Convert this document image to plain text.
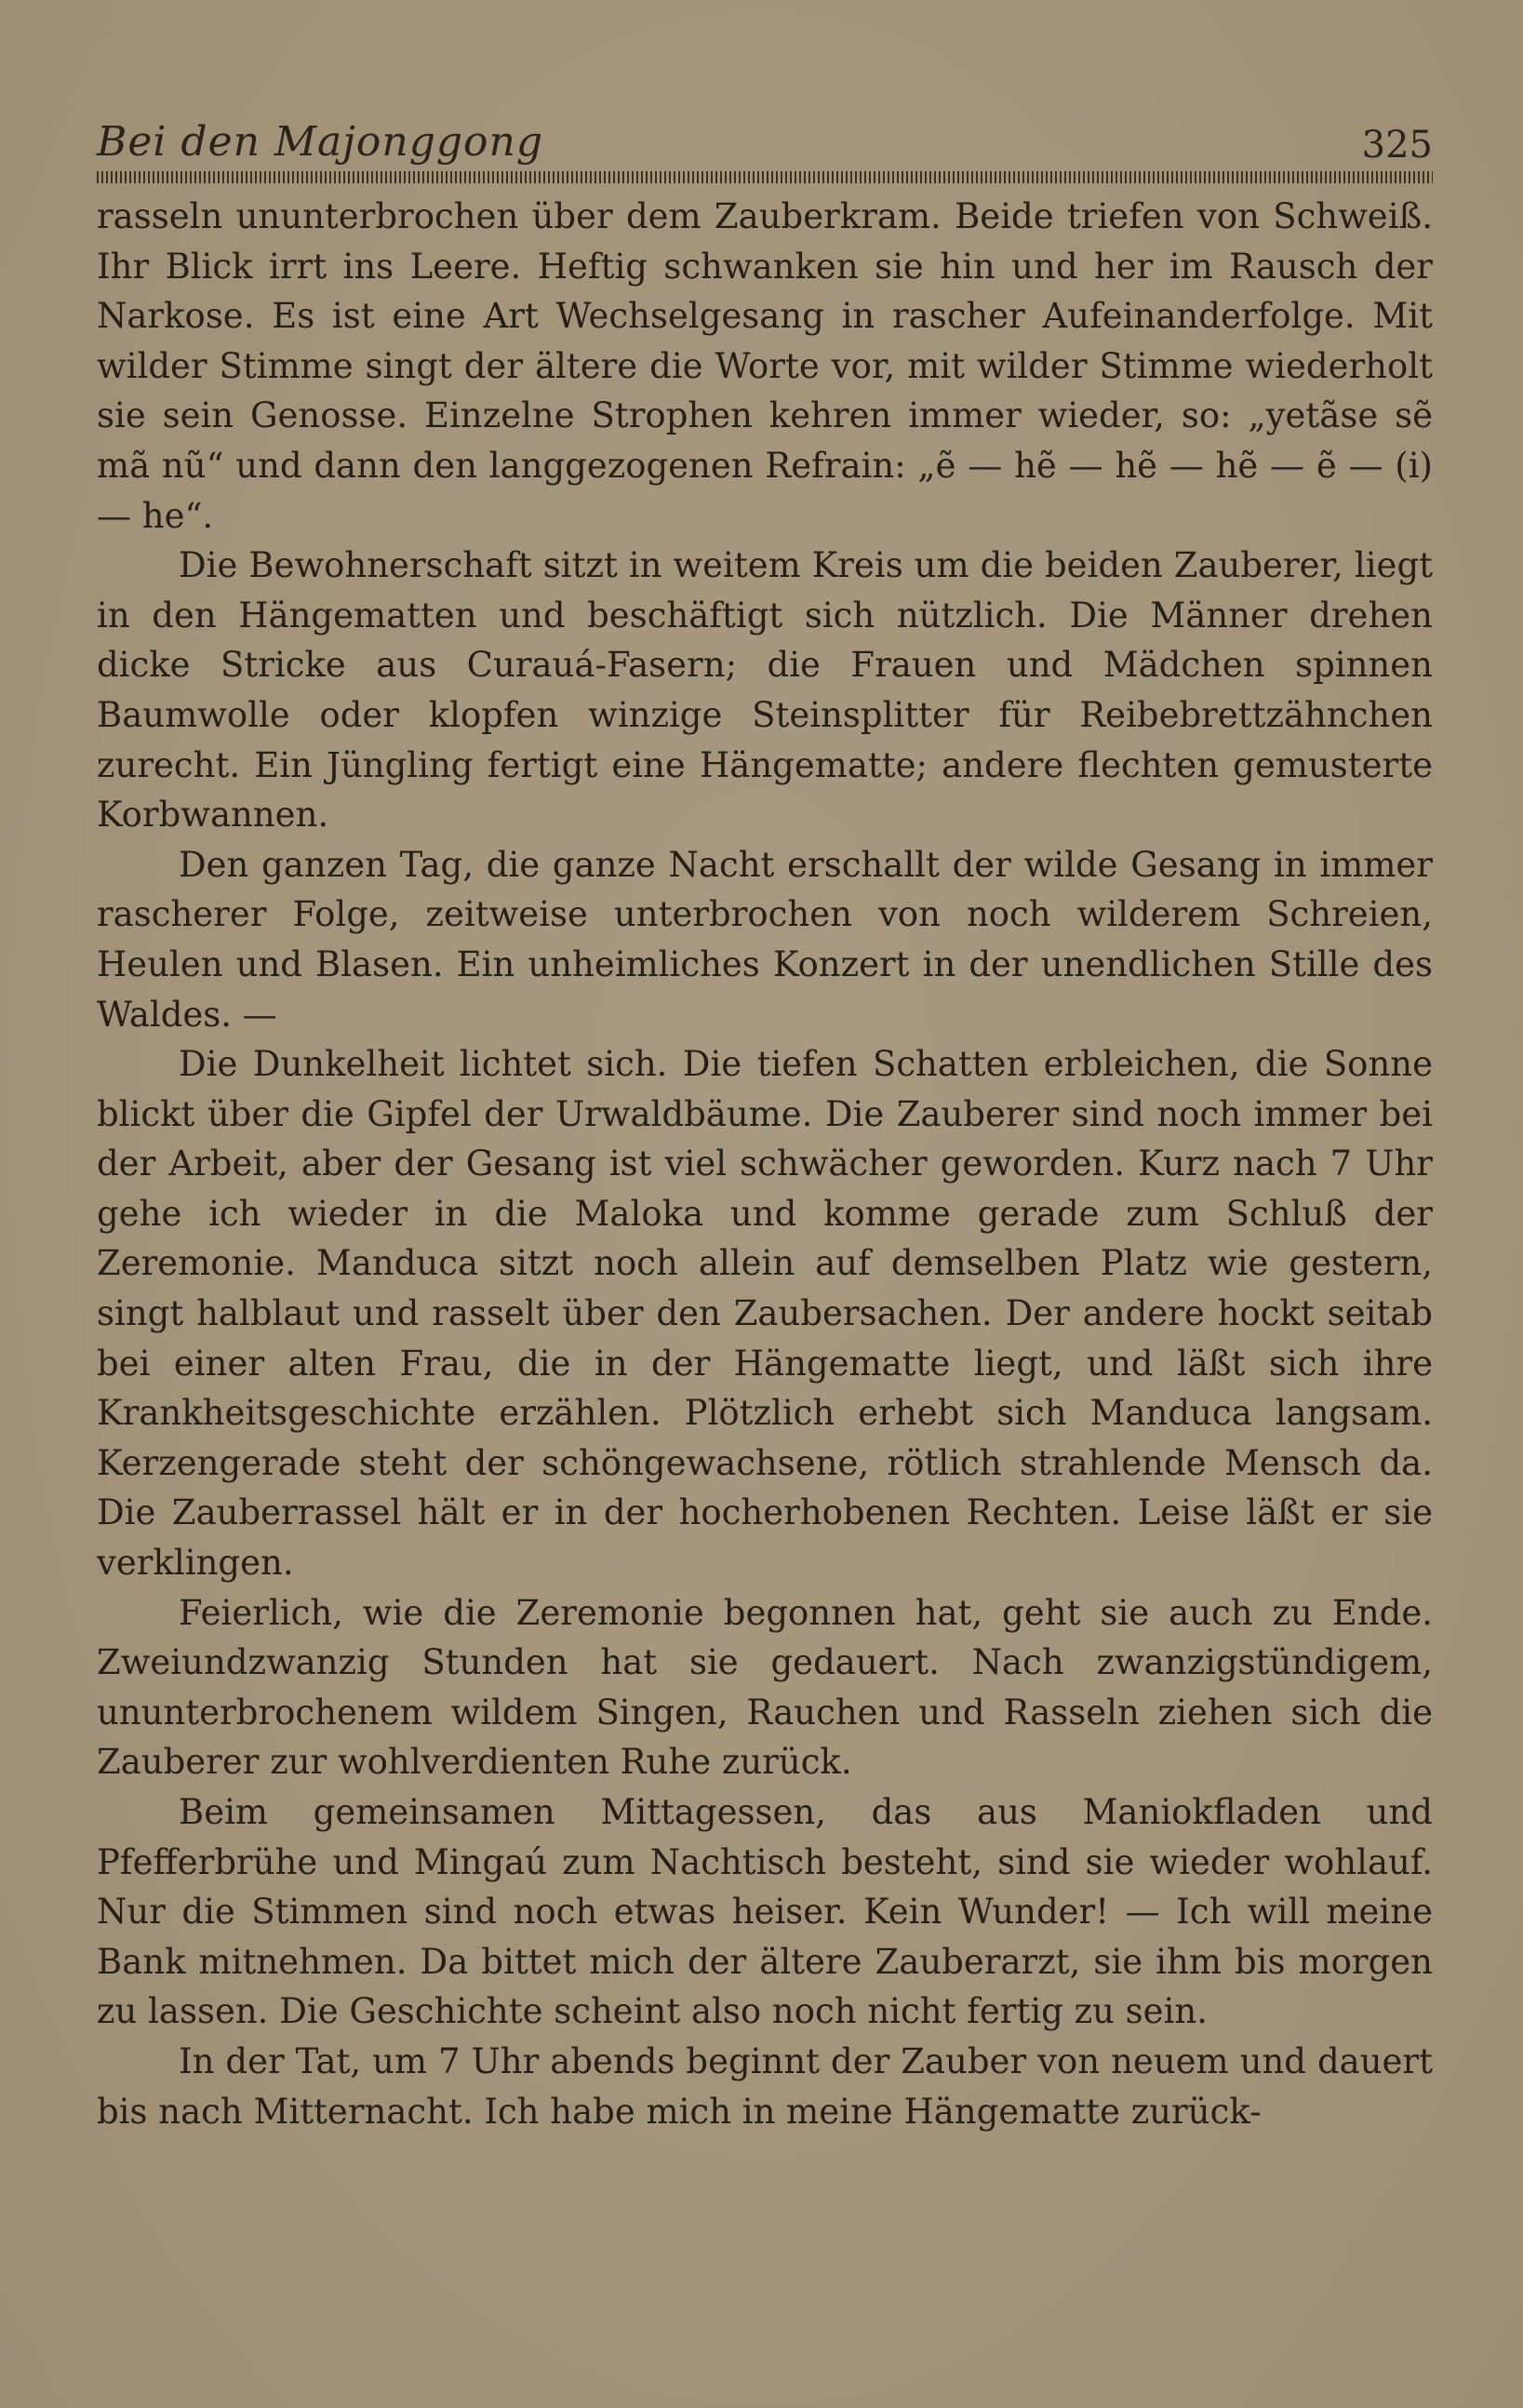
Bei den Majonggong	325

rasseln ununterbrochen über dem Zauberkram. Beide triefen von Schweiß. Ihr Blick irrt ins Leere. Heftig schwanken sie hin und her im Rausch der Narkose. Es ist eine Art Wechselgesang in rascher Aufeinanderfolge. Mit wilder Stimme singt der ältere die Worte vor, mit wilder Stimme wiederholt sie sein Genosse. Einzelne Strophen kehren immer wieder, so: „yetãse sẽ mã nũ“ und dann den langgezogenen Refrain: „ẽ — hẽ — hẽ — hẽ — ẽ — (i) — he“.

Die Bewohnerschaft sitzt in weitem Kreis um die beiden Zauberer, liegt in den Hängematten und beschäftigt sich nützlich. Die Männer drehen dicke Stricke aus Curauá-Fasern; die Frauen und Mädchen spinnen Baumwolle oder klopfen winzige Steinsplitter für Reibebrettzähnchen zurecht. Ein Jüngling fertigt eine Hängematte; andere flechten gemusterte Korbwannen.

Den ganzen Tag, die ganze Nacht erschallt der wilde Gesang in immer rascherer Folge, zeitweise unterbrochen von noch wilderem Schreien, Heulen und Blasen. Ein unheimliches Konzert in der unendlichen Stille des Waldes. —

Die Dunkelheit lichtet sich. Die tiefen Schatten erbleichen, die Sonne blickt über die Gipfel der Urwaldbäume. Die Zauberer sind noch immer bei der Arbeit, aber der Gesang ist viel schwächer geworden. Kurz nach 7 Uhr gehe ich wieder in die Maloka und komme gerade zum Schluß der Zeremonie. Manduca sitzt noch allein auf demselben Platz wie gestern, singt halblaut und rasselt über den Zaubersachen. Der andere hockt seitab bei einer alten Frau, die in der Hängematte liegt, und läßt sich ihre Krankheitsgeschichte erzählen. Plötzlich erhebt sich Manduca langsam. Kerzengerade steht der schöngewachsene, rötlich strahlende Mensch da. Die Zauberrassel hält er in der hocherhobenen Rechten. Leise läßt er sie verklingen.

Feierlich, wie die Zeremonie begonnen hat, geht sie auch zu Ende. Zweiundzwanzig Stunden hat sie gedauert. Nach zwanzigstündigem, ununterbrochenem wildem Singen, Rauchen und Rasseln ziehen sich die Zauberer zur wohlverdienten Ruhe zurück.

Beim gemeinsamen Mittagessen, das aus Maniokfladen und Pfefferbrühe und Mingaú zum Nachtisch besteht, sind sie wieder wohlauf. Nur die Stimmen sind noch etwas heiser. Kein Wunder! — Ich will meine Bank mitnehmen. Da bittet mich der ältere Zauberarzt, sie ihm bis morgen zu lassen. Die Geschichte scheint also noch nicht fertig zu sein.

In der Tat, um 7 Uhr abends beginnt der Zauber von neuem und dauert bis nach Mitternacht. Ich habe mich in meine Hängematte zurück-
